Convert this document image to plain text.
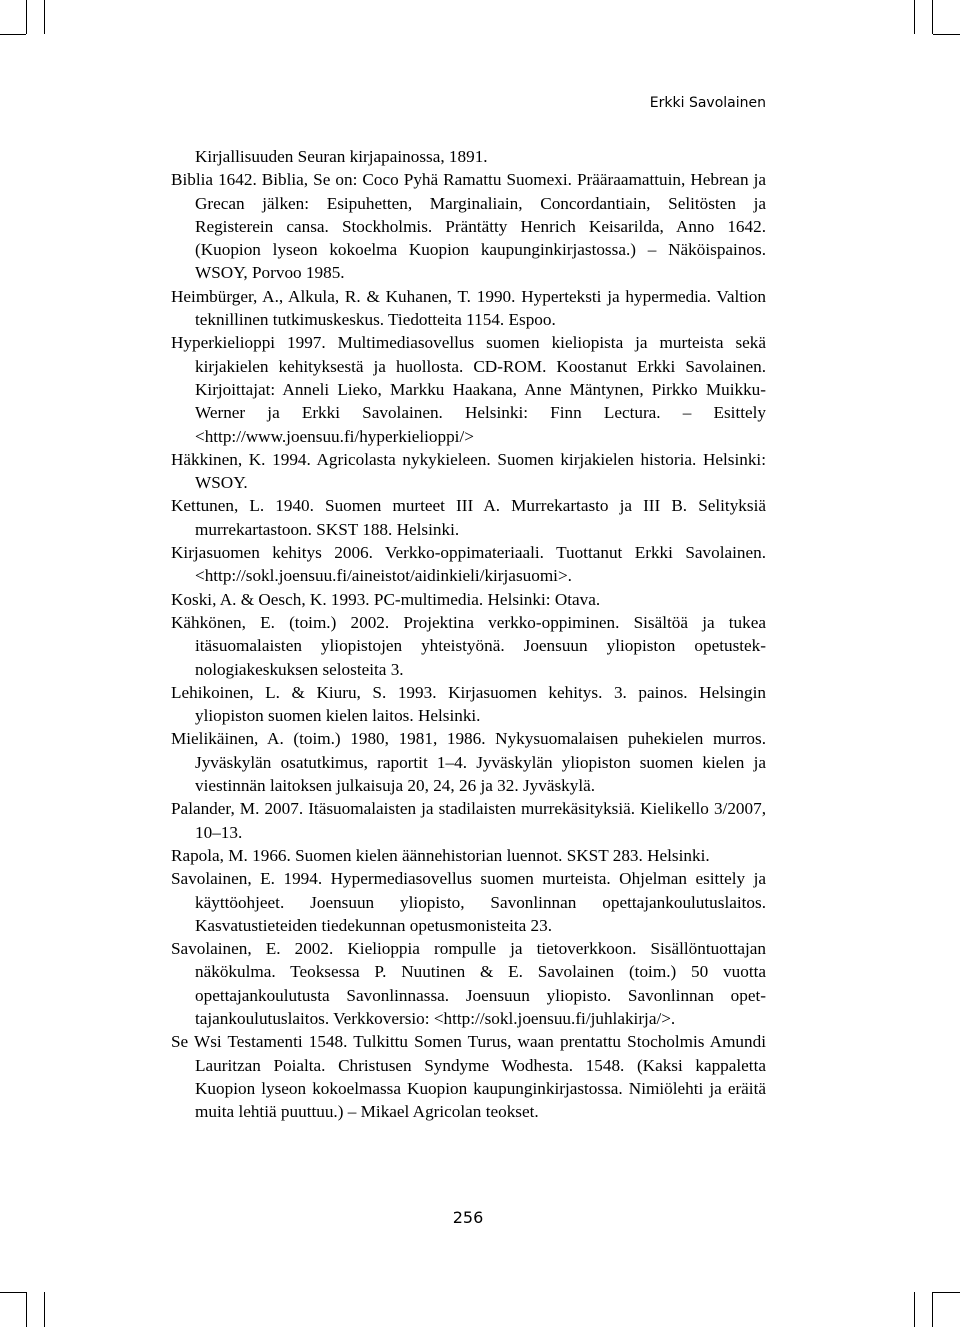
Erkki Savolainen

Kirjallisuuden Seuran kirjapainossa, 1891.

Biblia 1642. Biblia, Se on: Coco Pyhä Ramattu Suomexi. Prääraamattuin, Hebrean ja Grecan jälken: Esipuhetten, Marginaliain, Concordantiain, Selitösten ja Registerein cansa. Stockholmis. Präntätty Henrich Keisarilda, Anno 1642. (Kuopion lyseon kokoelma Kuopion kaupunginkirjastossa.) – Näköispainos. WSOY, Porvoo 1985.

Heimbürger, A., Alkula, R. & Kuhanen, T. 1990. Hyperteksti ja hypermedia. Valtion teknillinen tutkimuskeskus. Tiedotteita 1154. Espoo.

Hyperkielioppi 1997. Multimediasovellus suomen kieliopista ja murteista sekä kirjakielen kehityksestä ja huollosta. CD-ROM. Koostanut Erkki Savolainen. Kirjoittajat: Anneli Lieko, Markku Haakana, Anne Mäntynen, Pirkko Muikku-Werner ja Erkki Savolainen. Helsinki: Finn Lectura. – Esittely <http://www.joensuu.fi/hyperkielioppi/>

Häkkinen, K. 1994. Agricolasta nykykieleen. Suomen kirjakielen historia. Helsinki: WSOY.

Kettunen, L. 1940. Suomen murteet III A. Murrekartasto ja III B. Selityksiä murrekartastoon. SKST 188. Helsinki.

Kirjasuomen kehitys 2006. Verkko-oppimateriaali. Tuottanut Erkki Savolainen. <http://sokl.joensuu.fi/aineistot/aidinkieli/kirjasuomi>.

Koski, A. & Oesch, K. 1993. PC-multimedia. Helsinki: Otava.

Kähkönen, E. (toim.) 2002. Projektina verkko-oppiminen. Sisältöä ja tukea itäsuomalaisten yliopistojen yhteistyönä. Joensuun yliopiston opetusteknologiakeskuksen selosteita 3.

Lehikoinen, L. & Kiuru, S. 1993. Kirjasuomen kehitys. 3. painos. Helsingin yliopiston suomen kielen laitos. Helsinki.

Mielikäinen, A. (toim.) 1980, 1981, 1986. Nykysuomalaisen puhekielen murros. Jyväskylän osatutkimus, raportit 1–4. Jyväskylän yliopiston suomen kielen ja viestinnän laitoksen julkaisuja 20, 24, 26 ja 32. Jyväskylä.

Palander, M. 2007. Itäsuomalaisten ja stadilaisten murrekäsityksiä. Kielikello 3/2007, 10–13.

Rapola, M. 1966. Suomen kielen äännehistorian luennot. SKST 283. Helsinki.

Savolainen, E. 1994. Hypermediasovellus suomen murteista. Ohjelman esittely ja käyttöohjeet. Joensuun yliopisto, Savonlinnan opettajankoulutuslaitos. Kasvatustieteiden tiedekunnan opetusmonisteita 23.

Savolainen, E. 2002. Kielioppia rompulle ja tietoverkkoon. Sisällöntuottajan näkökulma. Teoksessa P. Nuutinen & E. Savolainen (toim.) 50 vuotta opettajankoulutusta Savonlinnassa. Joensuun yliopisto. Savonlinnan opettajankoulutuslaitos. Verkkoversio: <http://sokl.joensuu.fi/juhlakirja/>.

Se Wsi Testamenti 1548. Tulkittu Somen Turus, waan prentattu Stocholmis Amundi Lauritzan Poialta. Christusen Syndyme Wodhesta. 1548. (Kaksi kappaletta Kuopion lyseon kokoelmassa Kuopion kaupunginkirjastossa. Nimiölehti ja eräitä muita lehtiä puuttuu.) – Mikael Agricolan teokset.

256
